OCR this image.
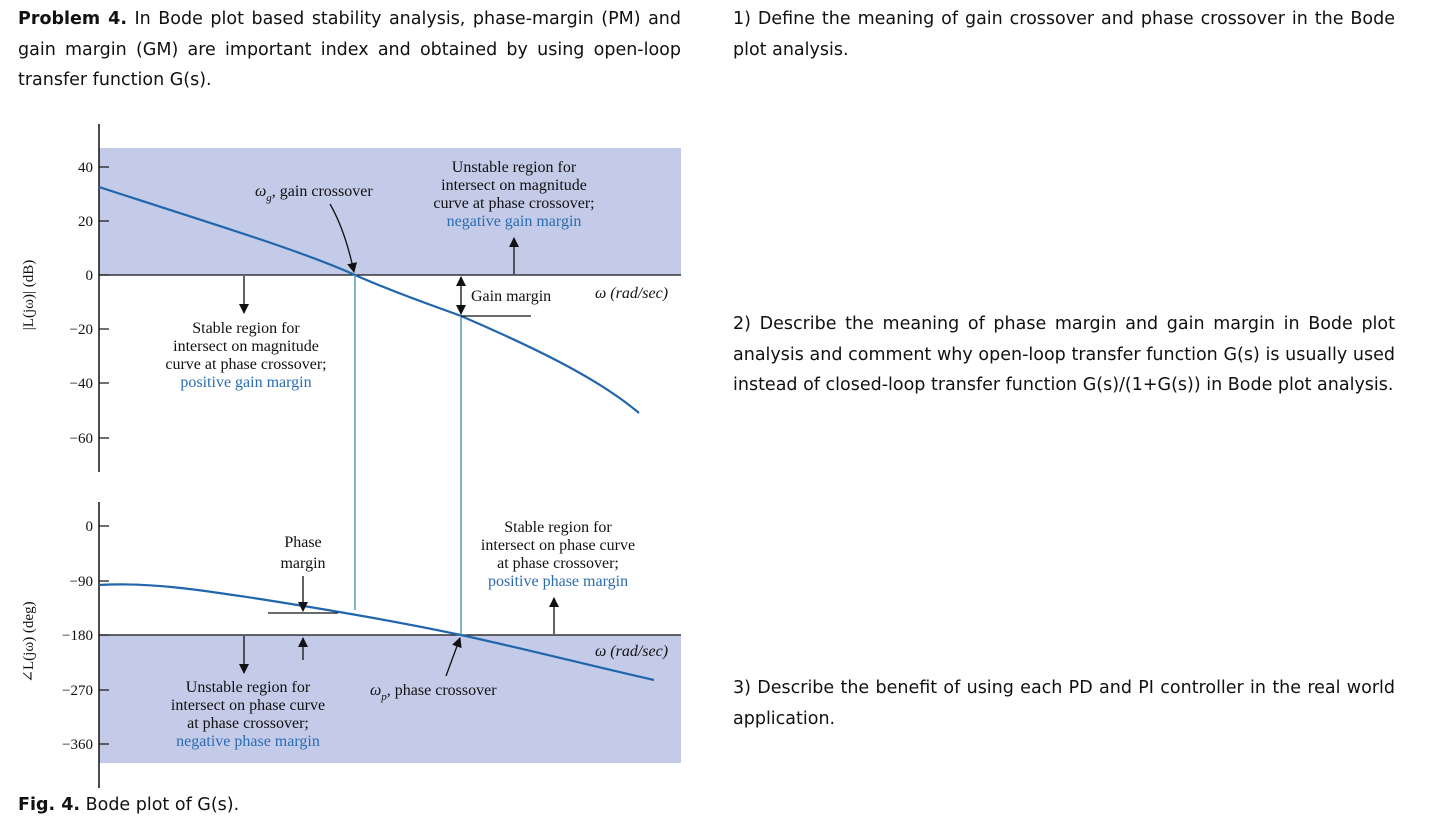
Problem 4. In Bode plot based stability analysis, phase-margin (PM) and gain margin (GM) are important index and obtained by using open-loop transfer function G(s).
1) Define the meaning of gain crossover and phase crossover in the Bode plot analysis.
2) Describe the meaning of phase margin and gain margin in Bode plot analysis and comment why open-loop transfer function G(s) is usually used instead of closed-loop transfer function G(s)/(1+G(s)) in Bode plot analysis.
3) Describe the benefit of using each PD and PI controller in the real world application.
40
20
0
−20
−40
−60
|L(jω)| (dB)
0
−90
−180
−270
−360
∠L(jω) (deg)
Gain margin	ω (rad/sec)
$\omega_g$, gain crossover
Unstable region for
intersect on magnitude
curve at phase crossover;
negative gain margin
Stable region for
intersect on magnitude
curve at phase crossover;
positive gain margin
Phase
margin
Stable region for
intersect on phase curve
at phase crossover;
positive phase margin
ω (rad/sec)
Unstable region for
intersect on phase curve
at phase crossover;
negative phase margin
$\omega_p$, phase crossover
Fig. 4. Bode plot of G(s).
